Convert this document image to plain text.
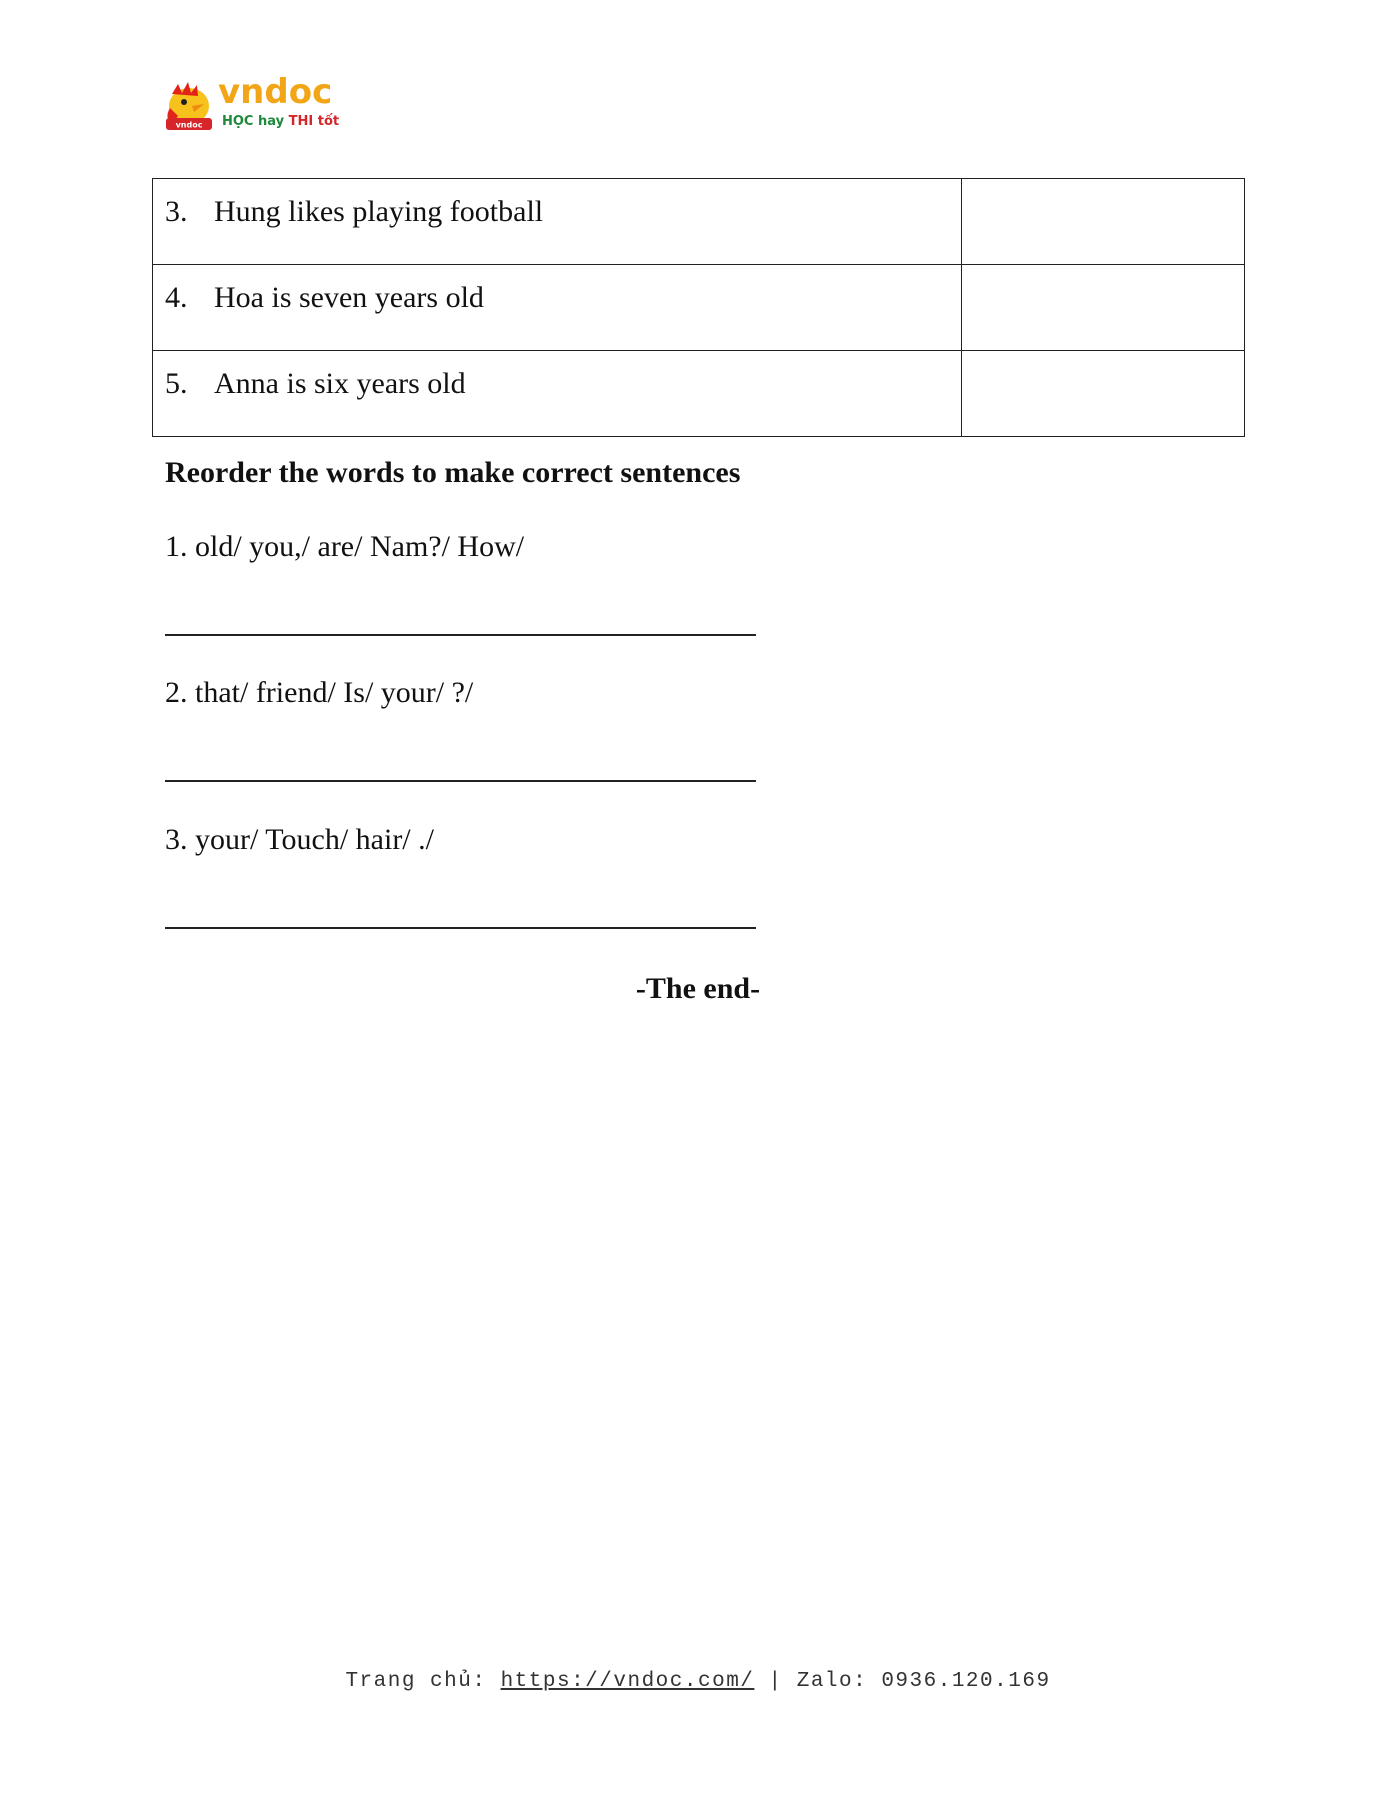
vndoc
vndoc
HỌC hay THI tốt
3. Hung likes playing football	

4. Hoa is seven years old	

5. Anna is six years old	

Reorder the words to make correct sentences
1. old/ you,/ are/ Nam?/ How/
2. that/ friend/ Is/ your/ ?/
3. your/ Touch/ hair/ ./
-The end-
Trang chủ: https://vndoc.com/ | Zalo: 0936.120.169
